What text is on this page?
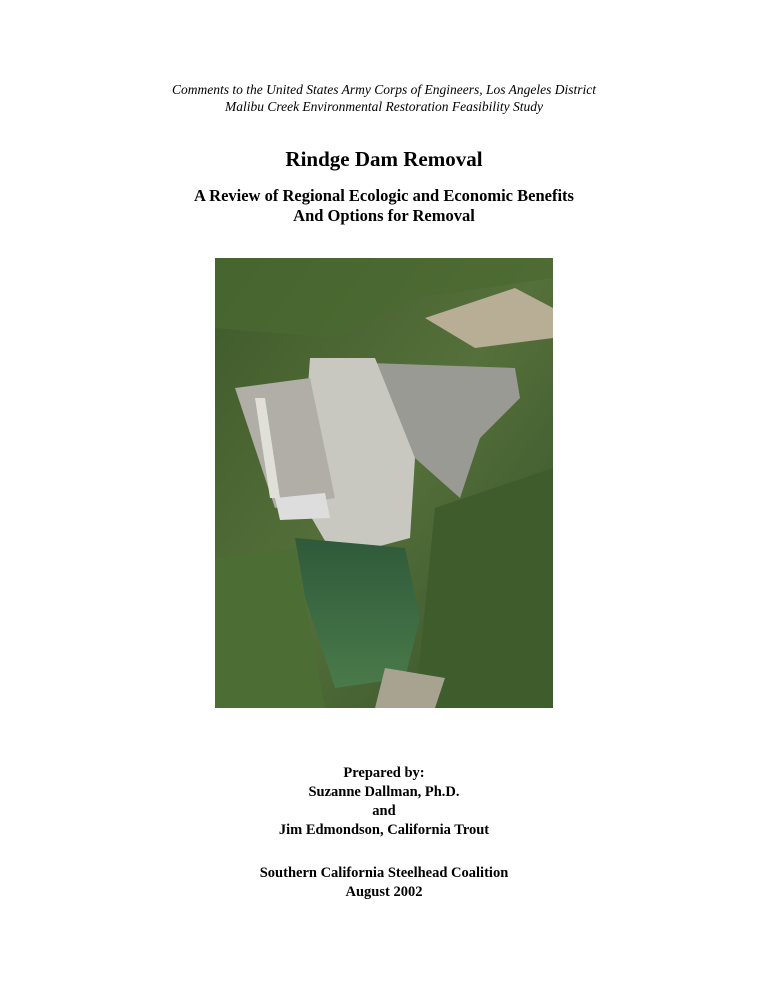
Comments to the United States Army Corps of Engineers, Los Angeles District
Malibu Creek Environmental Restoration Feasibility Study
Rindge Dam Removal
A Review of Regional Ecologic and Economic Benefits
And Options for Removal
Prepared by:
Suzanne Dallman, Ph.D.
and
Jim Edmondson, California Trout
Southern California Steelhead Coalition
August 2002
